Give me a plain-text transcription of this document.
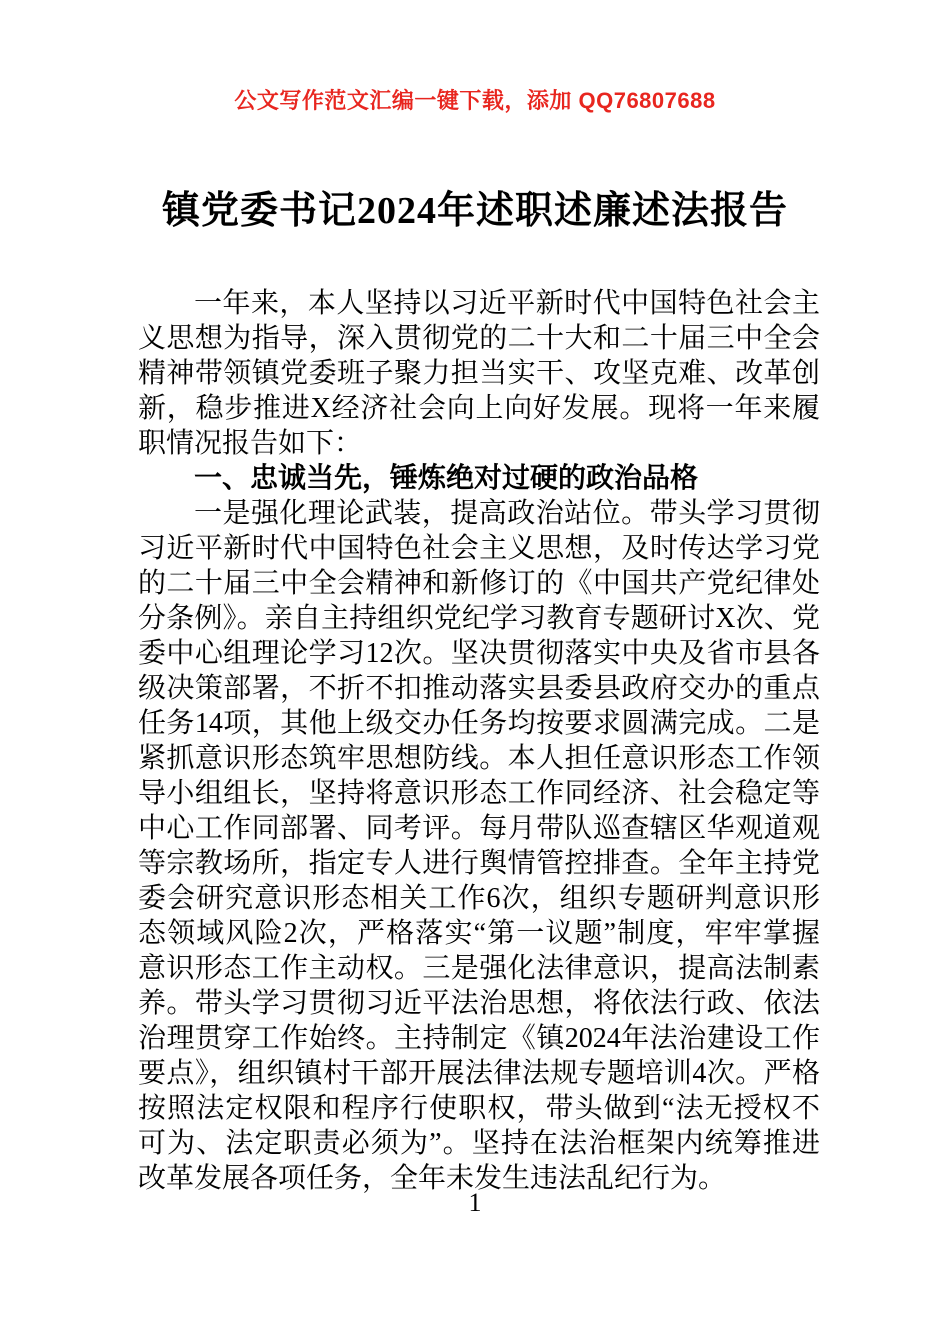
公文写作范文汇编一键下载，添加 QQ76807688
镇党委书记2024年述职述廉述法报告

一年来，本人坚持以习近平新时代中国特色社会主义思想为指导，深入贯彻党的二十大和二十届三中全会精神带领镇党委班子聚力担当实干、攻坚克难、改革创新，稳步推进X经济社会向上向好发展。现将一年来履职情况报告如下：

一、忠诚当先，锤炼绝对过硬的政治品格

一是强化理论武装，提高政治站位。带头学习贯彻习近平新时代中国特色社会主义思想，及时传达学习党的二十届三中全会精神和新修订的《中国共产党纪律处分条例》。亲自主持组织党纪学习教育专题研讨X次、党委中心组理论学习12次。坚决贯彻落实中央及省市县各级决策部署，不折不扣推动落实县委县政府交办的重点任务14项，其他上级交办任务均按要求圆满完成。二是紧抓意识形态筑牢思想防线。本人担任意识形态工作领导小组组长，坚持将意识形态工作同经济、社会稳定等中心工作同部署、同考评。每月带队巡查辖区华观道观等宗教场所，指定专人进行舆情管控排查。全年主持党委会研究意识形态相关工作6次，组织专题研判意识形态领域风险2次，严格落实“第一议题”制度，牢牢掌握意识形态工作主动权。三是强化法律意识，提高法制素养。带头学习贯彻习近平法治思想，将依法行政、依法治理贯穿工作始终。主持制定《镇2024年法治建设工作要点》，组织镇村干部开展法律法规专题培训4次。严格按照法定权限和程序行使职权，带头做到“法无授权不可为、法定职责必须为”。坚持在法治框架内统筹推进改革发展各项任务，全年未发生违法乱纪行为。

1
